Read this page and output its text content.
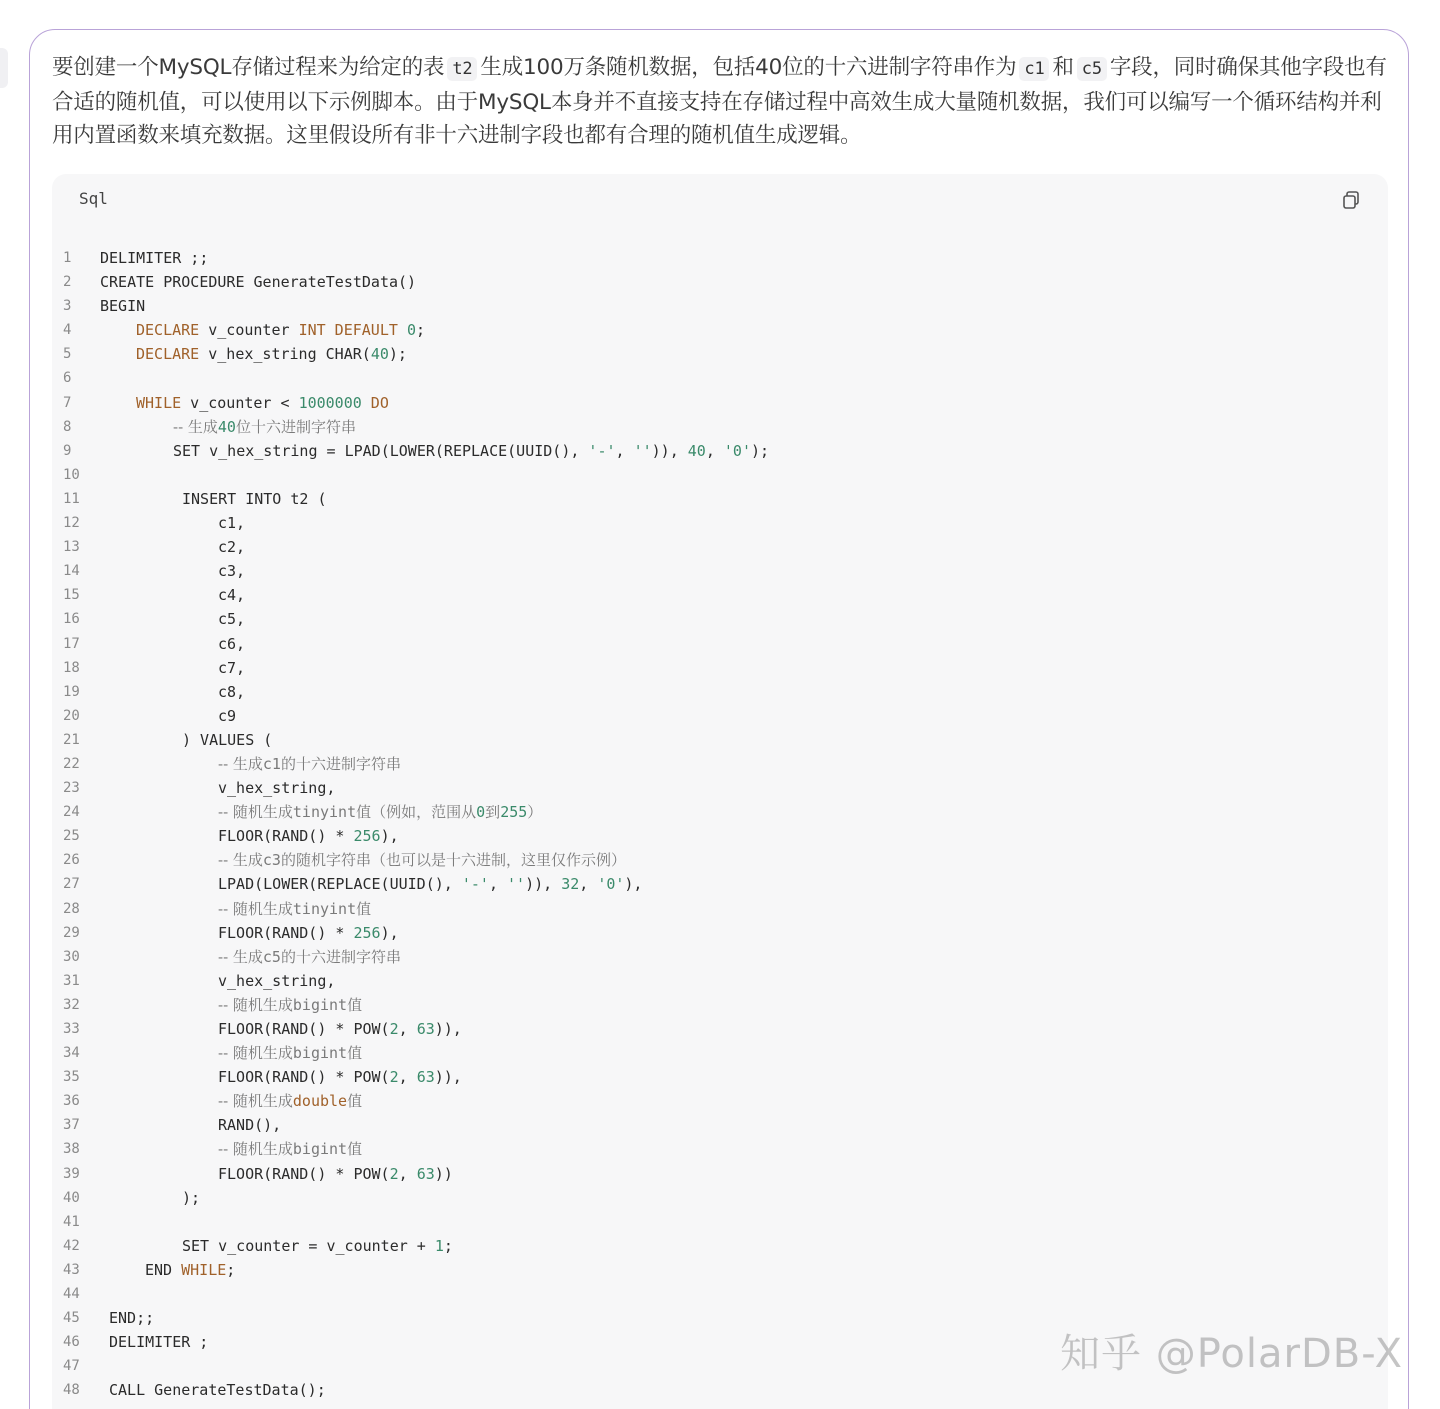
要创建一个MySQL存储过程来为给定的表 t2 生成100万条随机数据，包括40位的十六进制字符串作为 c1 和 c5 字段，同时确保其他字段也有合适的随机值，可以使用以下示例脚本。由于MySQL本身并不直接支持在存储过程中高效生成大量随机数据，我们可以编写一个循环结构并利用内置函数来填充数据。这里假设所有非十六进制字段也都有合理的随机值生成逻辑。
Sql
1	DELIMITER ;;
2	CREATE PROCEDURE GenerateTestData()
3	BEGIN
4	DECLARE v_counter INT DEFAULT 0;
5	DECLARE v_hex_string CHAR(40);
6
7	WHILE v_counter < 1000000 DO
8	-- 生成40位十六进制字符串
9	SET v_hex_string = LPAD(LOWER(REPLACE(UUID(), '-', '')), 40, '0');
10
11	INSERT INTO t2 (
12	c1,
13	c2,
14	c3,
15	c4,
16	c5,
17	c6,
18	c7,
19	c8,
20	c9
21	) VALUES (
22	-- 生成c1的十六进制字符串
23	v_hex_string,
24	-- 随机生成tinyint值（例如，范围从0到255）
25	FLOOR(RAND() * 256),
26	-- 生成c3的随机字符串（也可以是十六进制，这里仅作示例）
27	LPAD(LOWER(REPLACE(UUID(), '-', '')), 32, '0'),
28	-- 随机生成tinyint值
29	FLOOR(RAND() * 256),
30	-- 生成c5的十六进制字符串
31	v_hex_string,
32	-- 随机生成bigint值
33	FLOOR(RAND() * POW(2, 63)),
34	-- 随机生成bigint值
35	FLOOR(RAND() * POW(2, 63)),
36	-- 随机生成double值
37	RAND(),
38	-- 随机生成bigint值
39	FLOOR(RAND() * POW(2, 63))
40	);
41
42	SET v_counter = v_counter + 1;
43	END WHILE;
44
45	END;;
46	DELIMITER ;
47
48	CALL GenerateTestData();
知乎 @PolarDB-X
